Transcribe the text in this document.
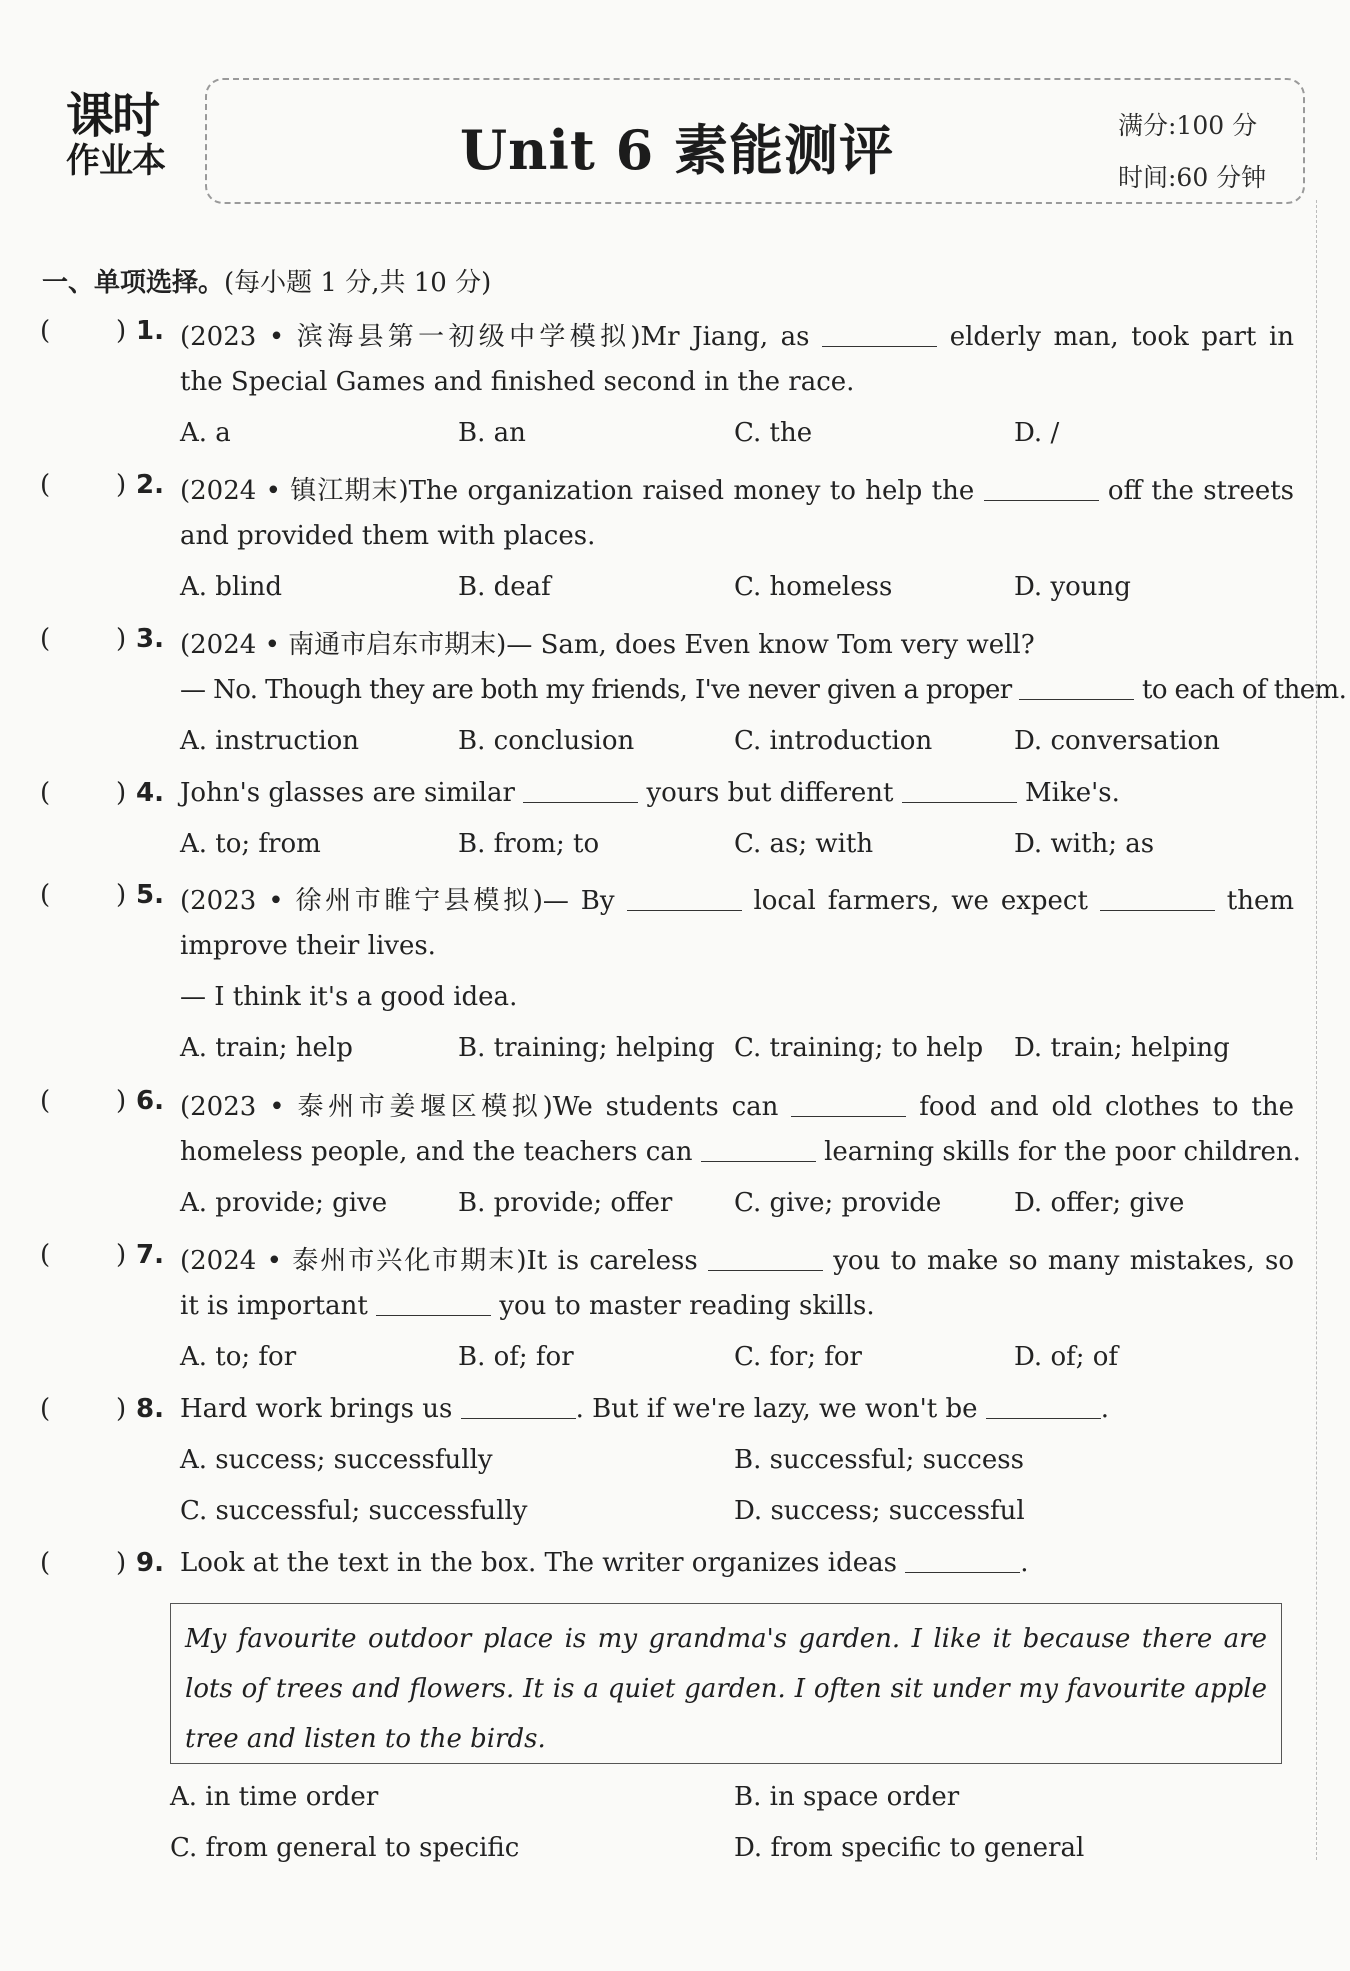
课时
作业本	Unit 6 素能测评	满分:100 分
时间:60 分钟
一、单项选择。(每小题 1 分,共 10 分)
(	) 1. (2023 • 滨海县第一初级中学模拟)Mr Jiang, as	elderly man, took part in
the Special Games and finished second in the race.
A. a	B. an	C. the	D. /
(	) 2. (2024 • 镇江期末)The organization raised money to help the	off the streets
and provided them with places.
A. blind	B. deaf	C. homeless	D. young
(	) 3. (2024 • 南通市启东市期末)— Sam, does Even know Tom very well?
— No. Though they are both my friends, I've never given a proper	to each of them.
A. instruction	B. conclusion	C. introduction	D. conversation
(	) 4. John's glasses are similar	yours but different	Mike's.
A. to; from	B. from; to	C. as; with	D. with; as
(	) 5. (2023 • 徐州市睢宁县模拟)— By	local farmers, we expect	them
improve their lives.
— I think it's a good idea.
A. train; help	B. training; helping C. training; to help D. train; helping
(	) 6. (2023 • 泰州市姜堰区模拟)We students can	food and old clothes to the
homeless people, and the teachers can	learning skills for the poor children.
A. provide; give	B. provide; offer C. give; provide	D. offer; give
(	) 7. (2024 • 泰州市兴化市期末)It is careless	you to make so many mistakes, so
it is important	you to master reading skills.
A. to; for	B. of; for	C. for; for	D. of; of
(	) 8. Hard work brings us	. But if we're lazy, we won't be	.
A. success; successfully	B. successful; success
C. successful; successfully	D. success; successful
(	) 9. Look at the text in the box. The writer organizes ideas	.
My favourite outdoor place is my grandma's garden. I like it because there are lots of trees and flowers. It is a quiet garden. I often sit under my favourite apple tree and listen to the birds.
A. in time order	B. in space order
C. from general to specific	D. from specific to general
